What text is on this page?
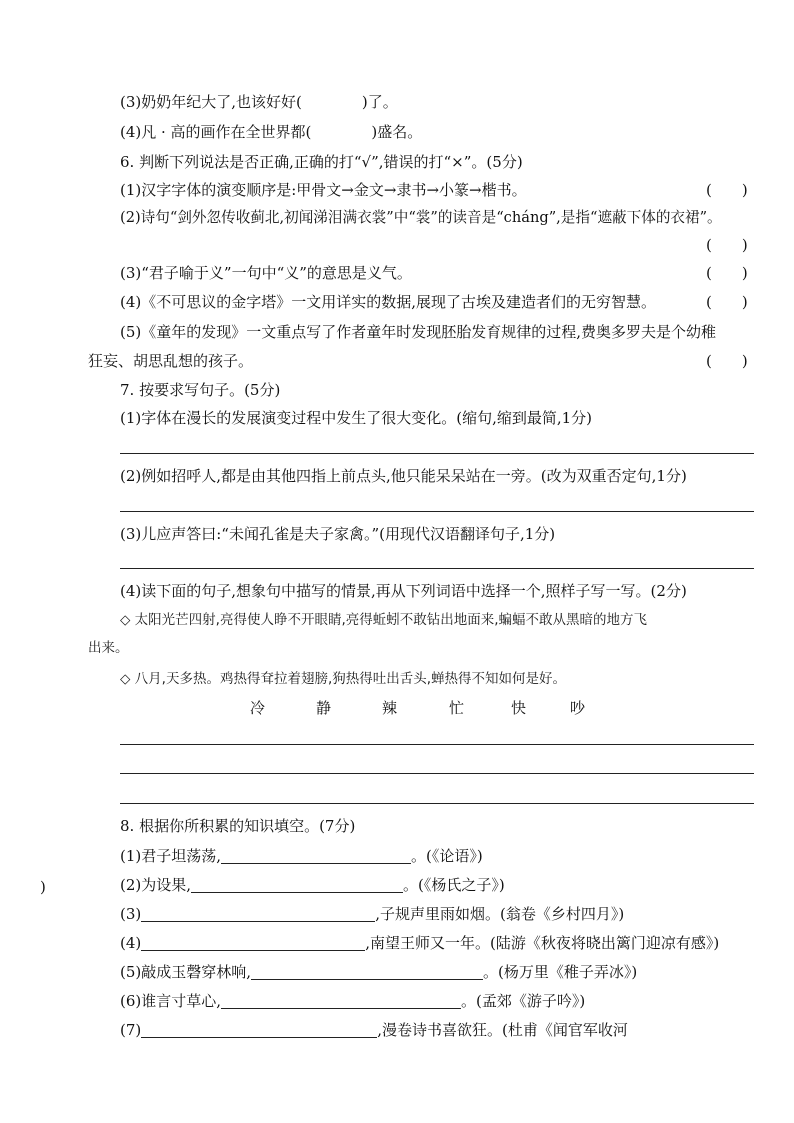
(3)奶奶年纪大了,也该好好(　　　　)了。
(4)凡 · 高的画作在全世界都(　　　　)盛名。
6. 判断下列说法是否正确,正确的打“√”,错误的打“×”。(5分)
(1)汉字字体的演变顺序是:甲骨文→金文→隶书→小篆→楷书。	(　　)
(2)诗句“剑外忽传收蓟北,初闻涕泪满衣裳”中“裳”的读音是“cháng”,是指“遮蔽下体的衣裙”。
(　　)
(3)“君子喻于义”一句中“义”的意思是义气。	(　　)
(4)《不可思议的金字塔》一文用详实的数据,展现了古埃及建造者们的无穷智慧。	(　　)
(5)《童年的发现》一文重点写了作者童年时发现胚胎发育规律的过程,费奥多罗夫是个幼稚
狂妄、胡思乱想的孩子。	(　　)
7. 按要求写句子。(5分)
(1)字体在漫长的发展演变过程中发生了很大变化。(缩句,缩到最简,1分)
(2)例如招呼人,都是由其他四指上前点头,他只能呆呆站在一旁。(改为双重否定句,1分)
(3)儿应声答曰:“未闻孔雀是夫子家禽。”(用现代汉语翻译句子,1分)
(4)读下面的句子,想象句中描写的情景,再从下列词语中选择一个,照样子写一写。(2分)
◇ 太阳光芒四射,亮得使人睁不开眼睛,亮得蚯蚓不敢钻出地面来,蝙蝠不敢从黑暗的地方飞
出来。
◇ 八月,天多热。鸡热得耷拉着翅膀,狗热得吐出舌头,蝉热得不知如何是好。
冷	静	辣	忙	快	吵
8. 根据你所积累的知识填空。(7分)
(1)君子坦荡荡,	。(《论语》)
(2)为设果,	。(《杨氏之子》)
(3)	,子规声里雨如烟。(翁卷《乡村四月》)
(4)	,南望王师又一年。(陆游《秋夜将晓出篱门迎凉有感》)
(5)敲成玉磬穿林响,	。(杨万里《稚子弄冰》)
(6)谁言寸草心,	。(孟郊《游子吟》)
(7)	,漫卷诗书喜欲狂。(杜甫《闻官军收河
)
